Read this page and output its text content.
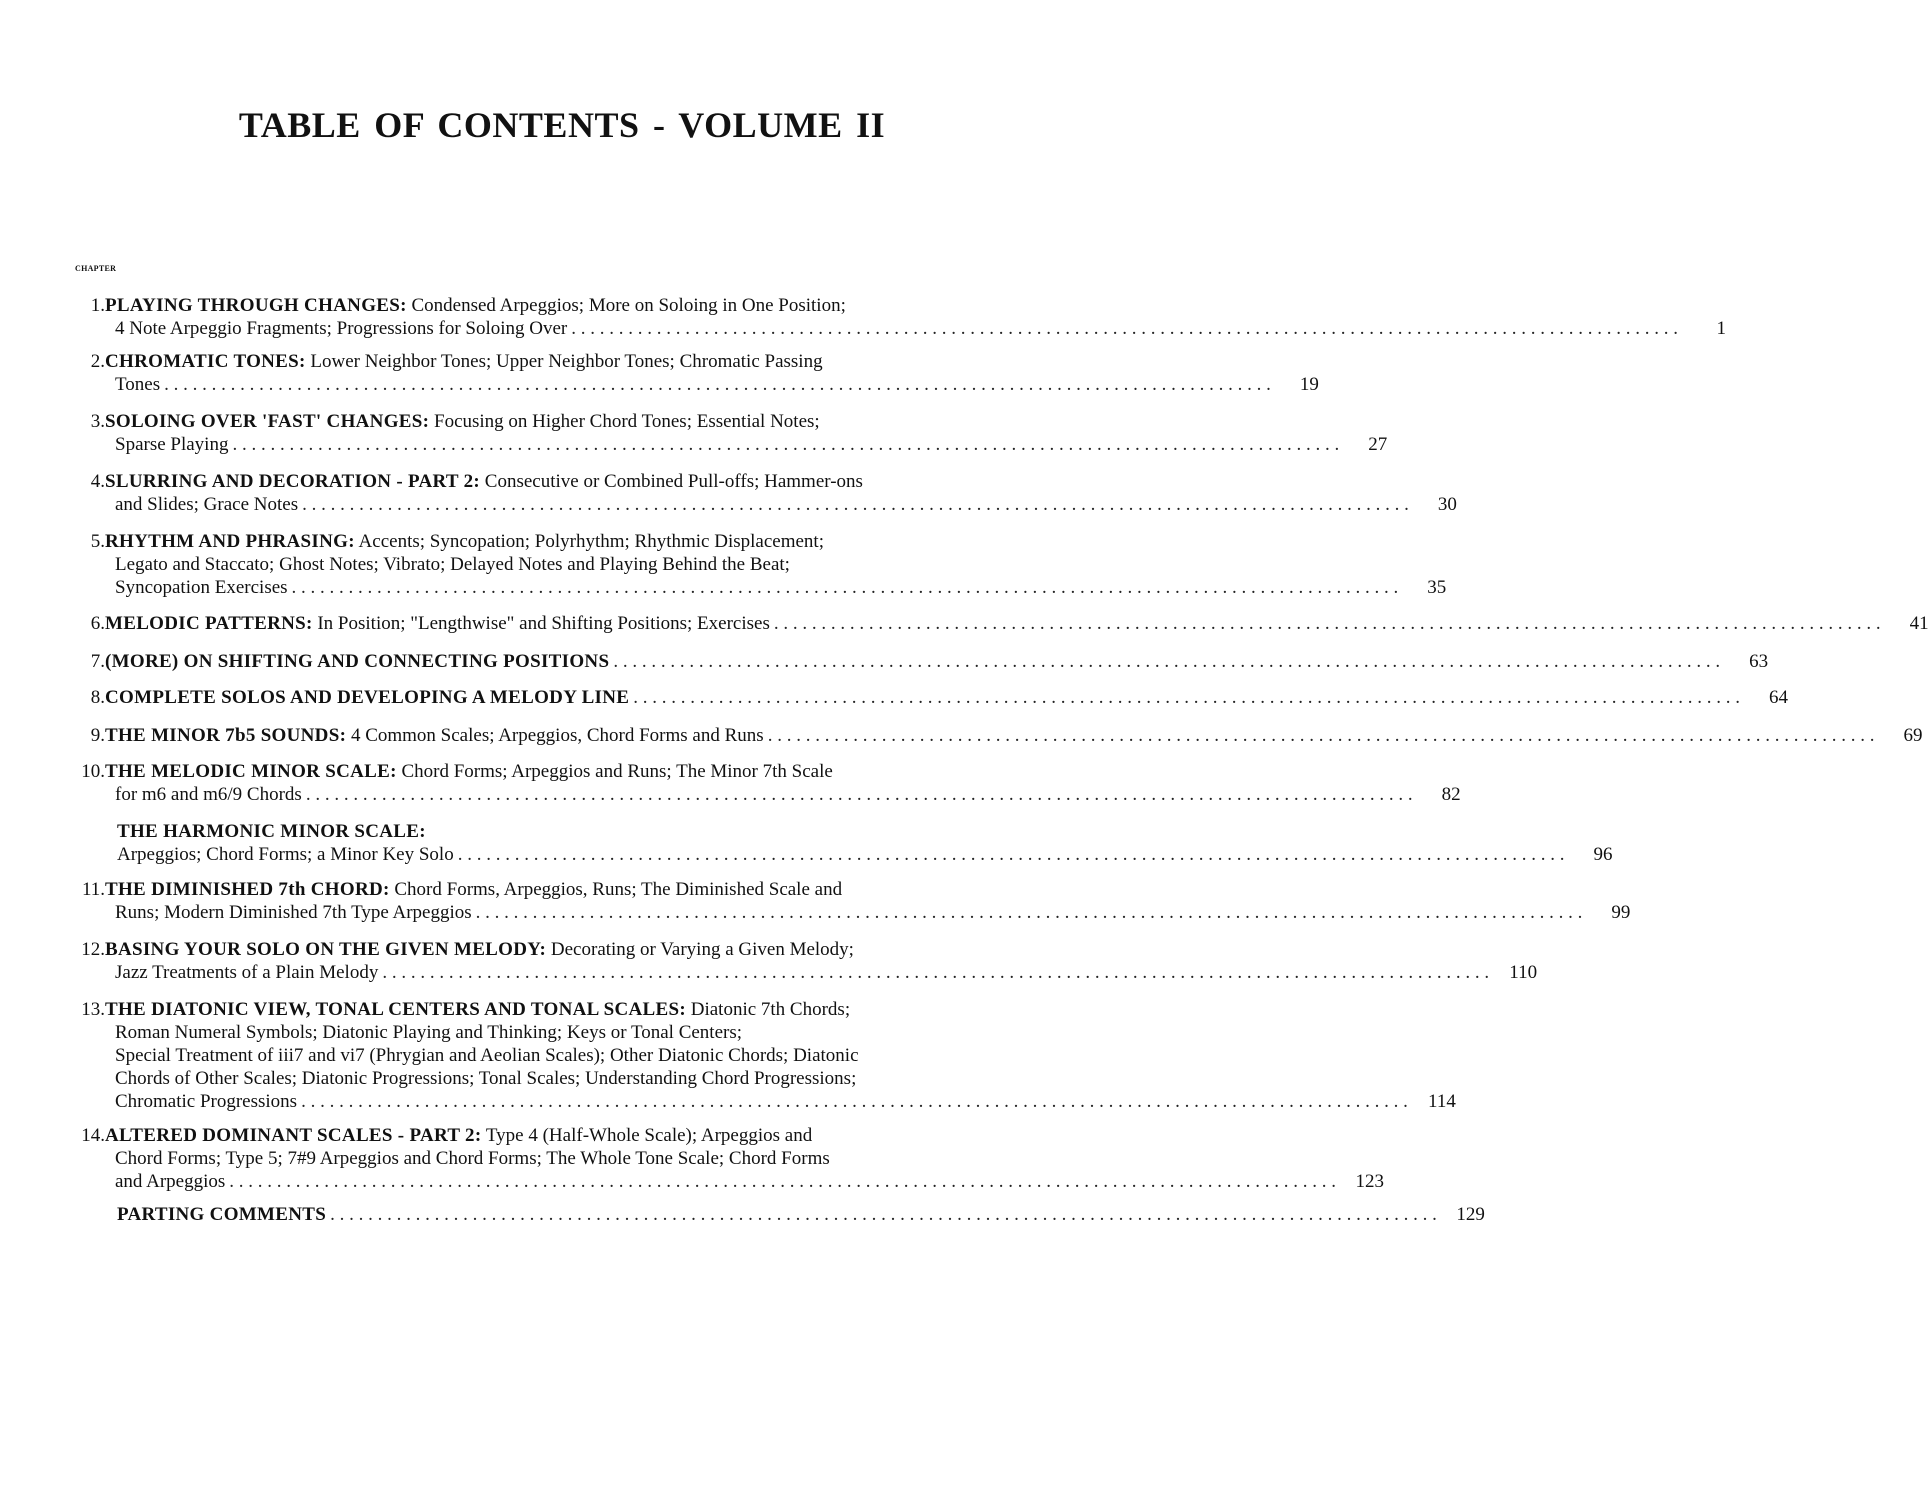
TABLE OF CONTENTS - VOLUME II
CHAPTER
1. PLAYING THROUGH CHANGES: Condensed Arpeggios; More on Soloing in One Position;
4 Note Arpeggio Fragments; Progressions for Soloing Over . . .	1
2. CHROMATIC TONES: Lower Neighbor Tones; Upper Neighbor Tones; Chromatic Passing
Tones . . .	19
3. SOLOING OVER 'FAST' CHANGES: Focusing on Higher Chord Tones; Essential Notes;
Sparse Playing . . .	27
4. SLURRING AND DECORATION - PART 2: Consecutive or Combined Pull-offs; Hammer-ons
and Slides; Grace Notes . . .	30
5. RHYTHM AND PHRASING: Accents; Syncopation; Polyrhythm; Rhythmic Displacement;
Legato and Staccato; Ghost Notes; Vibrato; Delayed Notes and Playing Behind the Beat;
Syncopation Exercises . . .	35
6. MELODIC PATTERNS: In Position; "Lengthwise" and Shifting Positions; Exercises . . .	41
7. (MORE) ON SHIFTING AND CONNECTING POSITIONS . . .	63
8. COMPLETE SOLOS AND DEVELOPING A MELODY LINE . . .	64
9. THE MINOR 7b5 SOUNDS: 4 Common Scales; Arpeggios, Chord Forms and Runs . . .	69
10. THE MELODIC MINOR SCALE: Chord Forms; Arpeggios and Runs; The Minor 7th Scale
for m6 and m6/9 Chords . . .	82
THE HARMONIC MINOR SCALE:
Arpeggios; Chord Forms; a Minor Key Solo . . .	96
11. THE DIMINISHED 7th CHORD: Chord Forms, Arpeggios, Runs; The Diminished Scale and
Runs; Modern Diminished 7th Type Arpeggios . . .	99
12. BASING YOUR SOLO ON THE GIVEN MELODY: Decorating or Varying a Given Melody;
Jazz Treatments of a Plain Melody . . .	110
13. THE DIATONIC VIEW, TONAL CENTERS AND TONAL SCALES: Diatonic 7th Chords;
Roman Numeral Symbols; Diatonic Playing and Thinking; Keys or Tonal Centers;
Special Treatment of iii7 and vi7 (Phrygian and Aeolian Scales); Other Diatonic Chords; Diatonic
Chords of Other Scales; Diatonic Progressions; Tonal Scales; Understanding Chord Progressions;
Chromatic Progressions . . .	114
14. ALTERED DOMINANT SCALES - PART 2: Type 4 (Half-Whole Scale); Arpeggios and
Chord Forms; Type 5; 7#9 Arpeggios and Chord Forms; The Whole Tone Scale; Chord Forms
and Arpeggios . . .	123
PARTING COMMENTS . . .	129
